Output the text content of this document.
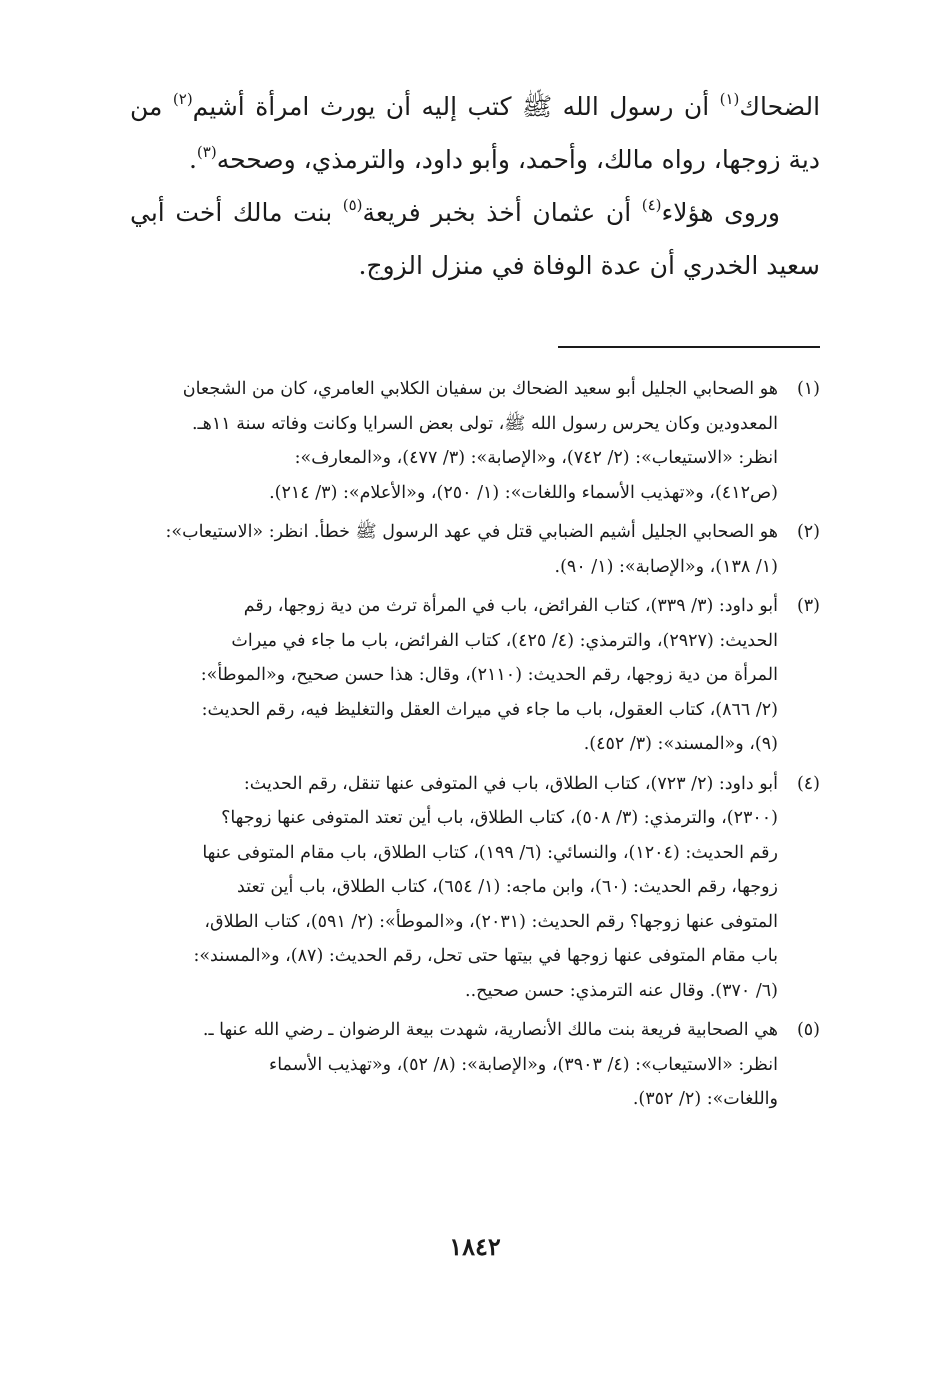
الضحاك$^{(١)}$ أن رسول الله ﷺ كتب إليه أن يورث امرأة أشيم$^{(٢)}$ من دية زوجها، رواه مالك، وأحمد، وأبو داود، والترمذي، وصححه$^{(٣)}$.

وروى هؤلاء$^{(٤)}$ أن عثمان أخذ بخبر فريعة$^{(٥)}$ بنت مالك أخت أبي سعيد الخدري أن عدة الوفاة في منزل الزوج.

(١)
هو الصحابي الجليل أبو سعيد الضحاك بن سفيان الكلابي العامري، كان من الشجعان
المعدودين وكان يحرس رسول الله ﷺ، تولى بعض السرايا وكانت وفاته سنة ١١هـ.
انظر: «الاستيعاب»: (٢/ ٧٤٢)، و«الإصابة»: (٣/ ٤٧٧)، و«المعارف»:
(ص٤١٢)، و«تهذيب الأسماء واللغات»: (١/ ٢٥٠)، و«الأعلام»: (٣/ ٢١٤).
(٢)
هو الصحابي الجليل أشيم الضبابي قتل في عهد الرسول ﷺ خطأ. انظر: «الاستيعاب»:
(١/ ١٣٨)، و«الإصابة»: (١/ ٩٠).
(٣)
أبو داود: (٣/ ٣٣٩)، كتاب الفرائض، باب في المرأة ترث من دية زوجها، رقم
الحديث: (٢٩٢٧)، والترمذي: (٤/ ٤٢٥)، كتاب الفرائض، باب ما جاء في ميراث
المرأة من دية زوجها، رقم الحديث: (٢١١٠)، وقال: هذا حسن صحيح، و«الموطأ»:
(٢/ ٨٦٦)، كتاب العقول، باب ما جاء في ميراث العقل والتغليظ فيه، رقم الحديث:
(٩)، و«المسند»: (٣/ ٤٥٢).
(٤)
أبو داود: (٢/ ٧٢٣)، كتاب الطلاق، باب في المتوفى عنها تنقل، رقم الحديث:
(٢٣٠٠)، والترمذي: (٣/ ٥٠٨)، كتاب الطلاق، باب أين تعتد المتوفى عنها زوجها؟
رقم الحديث: (١٢٠٤)، والنسائي: (٦/ ١٩٩)، كتاب الطلاق، باب مقام المتوفى عنها
زوجها، رقم الحديث: (٦٠)، وابن ماجه: (١/ ٦٥٤)، كتاب الطلاق، باب أين تعتد
المتوفى عنها زوجها؟ رقم الحديث: (٢٠٣١)، و«الموطأ»: (٢/ ٥٩١)، كتاب الطلاق،
باب مقام المتوفى عنها زوجها في بيتها حتى تحل، رقم الحديث: (٨٧)، و«المسند»:
(٦/ ٣٧٠). وقال عنه الترمذي: حسن صحيح..
(٥)
هي الصحابية فريعة بنت مالك الأنصارية، شهدت بيعة الرضوان ـ رضي الله عنها ـ.
انظر: «الاستيعاب»: (٤/ ٣٩٠٣)، و«الإصابة»: (٨/ ٥٢)، و«تهذيب الأسماء
واللغات»: (٢/ ٣٥٢).
١٨٤٢
